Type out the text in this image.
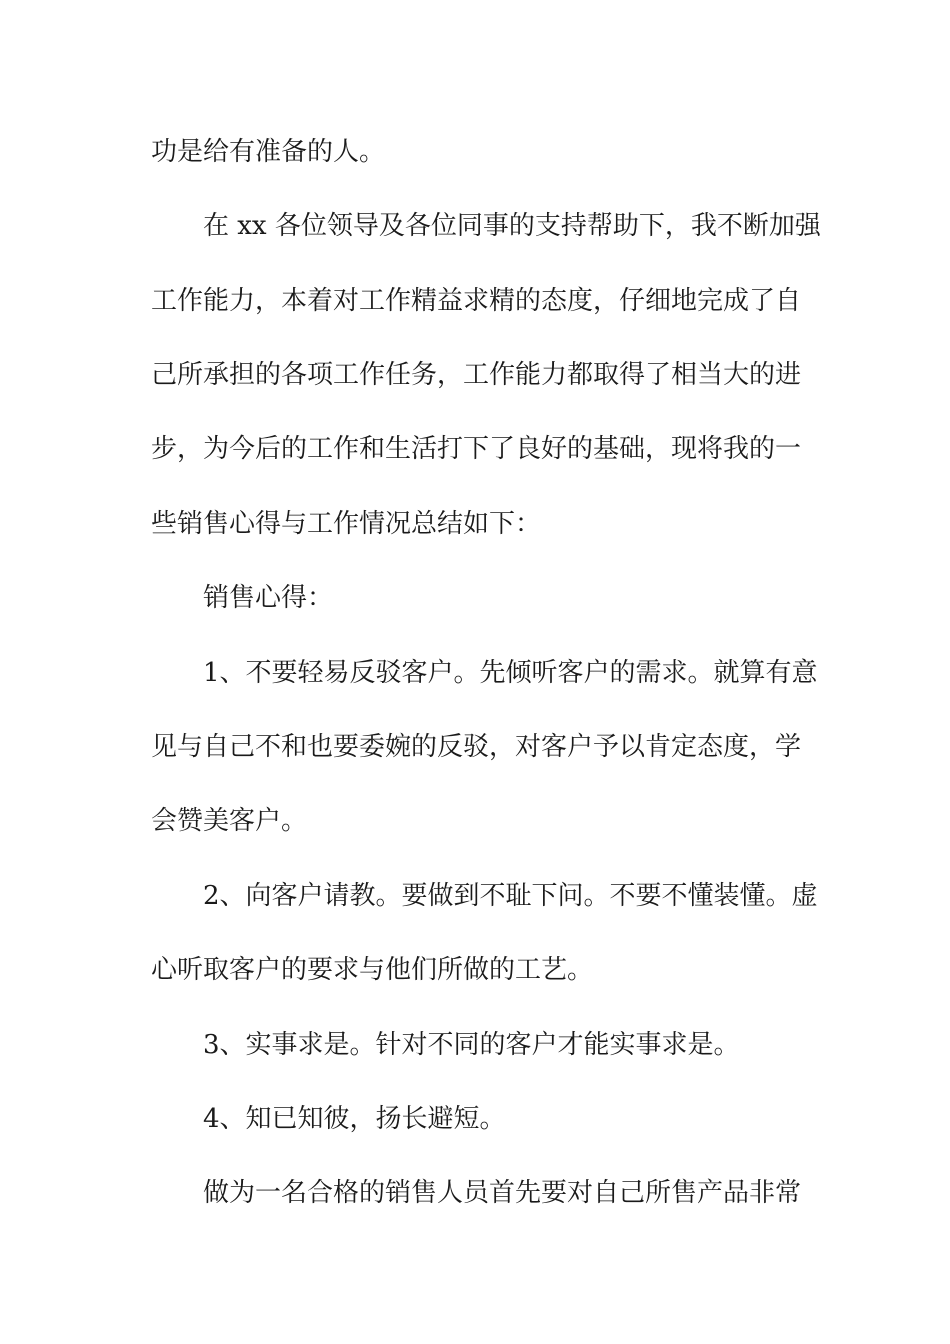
功是给有准备的人。
在 xx 各位领导及各位同事的支持帮助下，我不断加强
工作能力，本着对工作精益求精的态度，仔细地完成了自
己所承担的各项工作任务，工作能力都取得了相当大的进
步，为今后的工作和生活打下了良好的基础，现将我的一
些销售心得与工作情况总结如下：
销售心得：
1、不要轻易反驳客户。先倾听客户的需求。就算有意
见与自己不和也要委婉的反驳，对客户予以肯定态度，学
会赞美客户。
2、向客户请教。要做到不耻下问。不要不懂装懂。虚
心听取客户的要求与他们所做的工艺。
3、实事求是。针对不同的客户才能实事求是。
4、知已知彼，扬长避短。
做为一名合格的销售人员首先要对自己所售产品非常
